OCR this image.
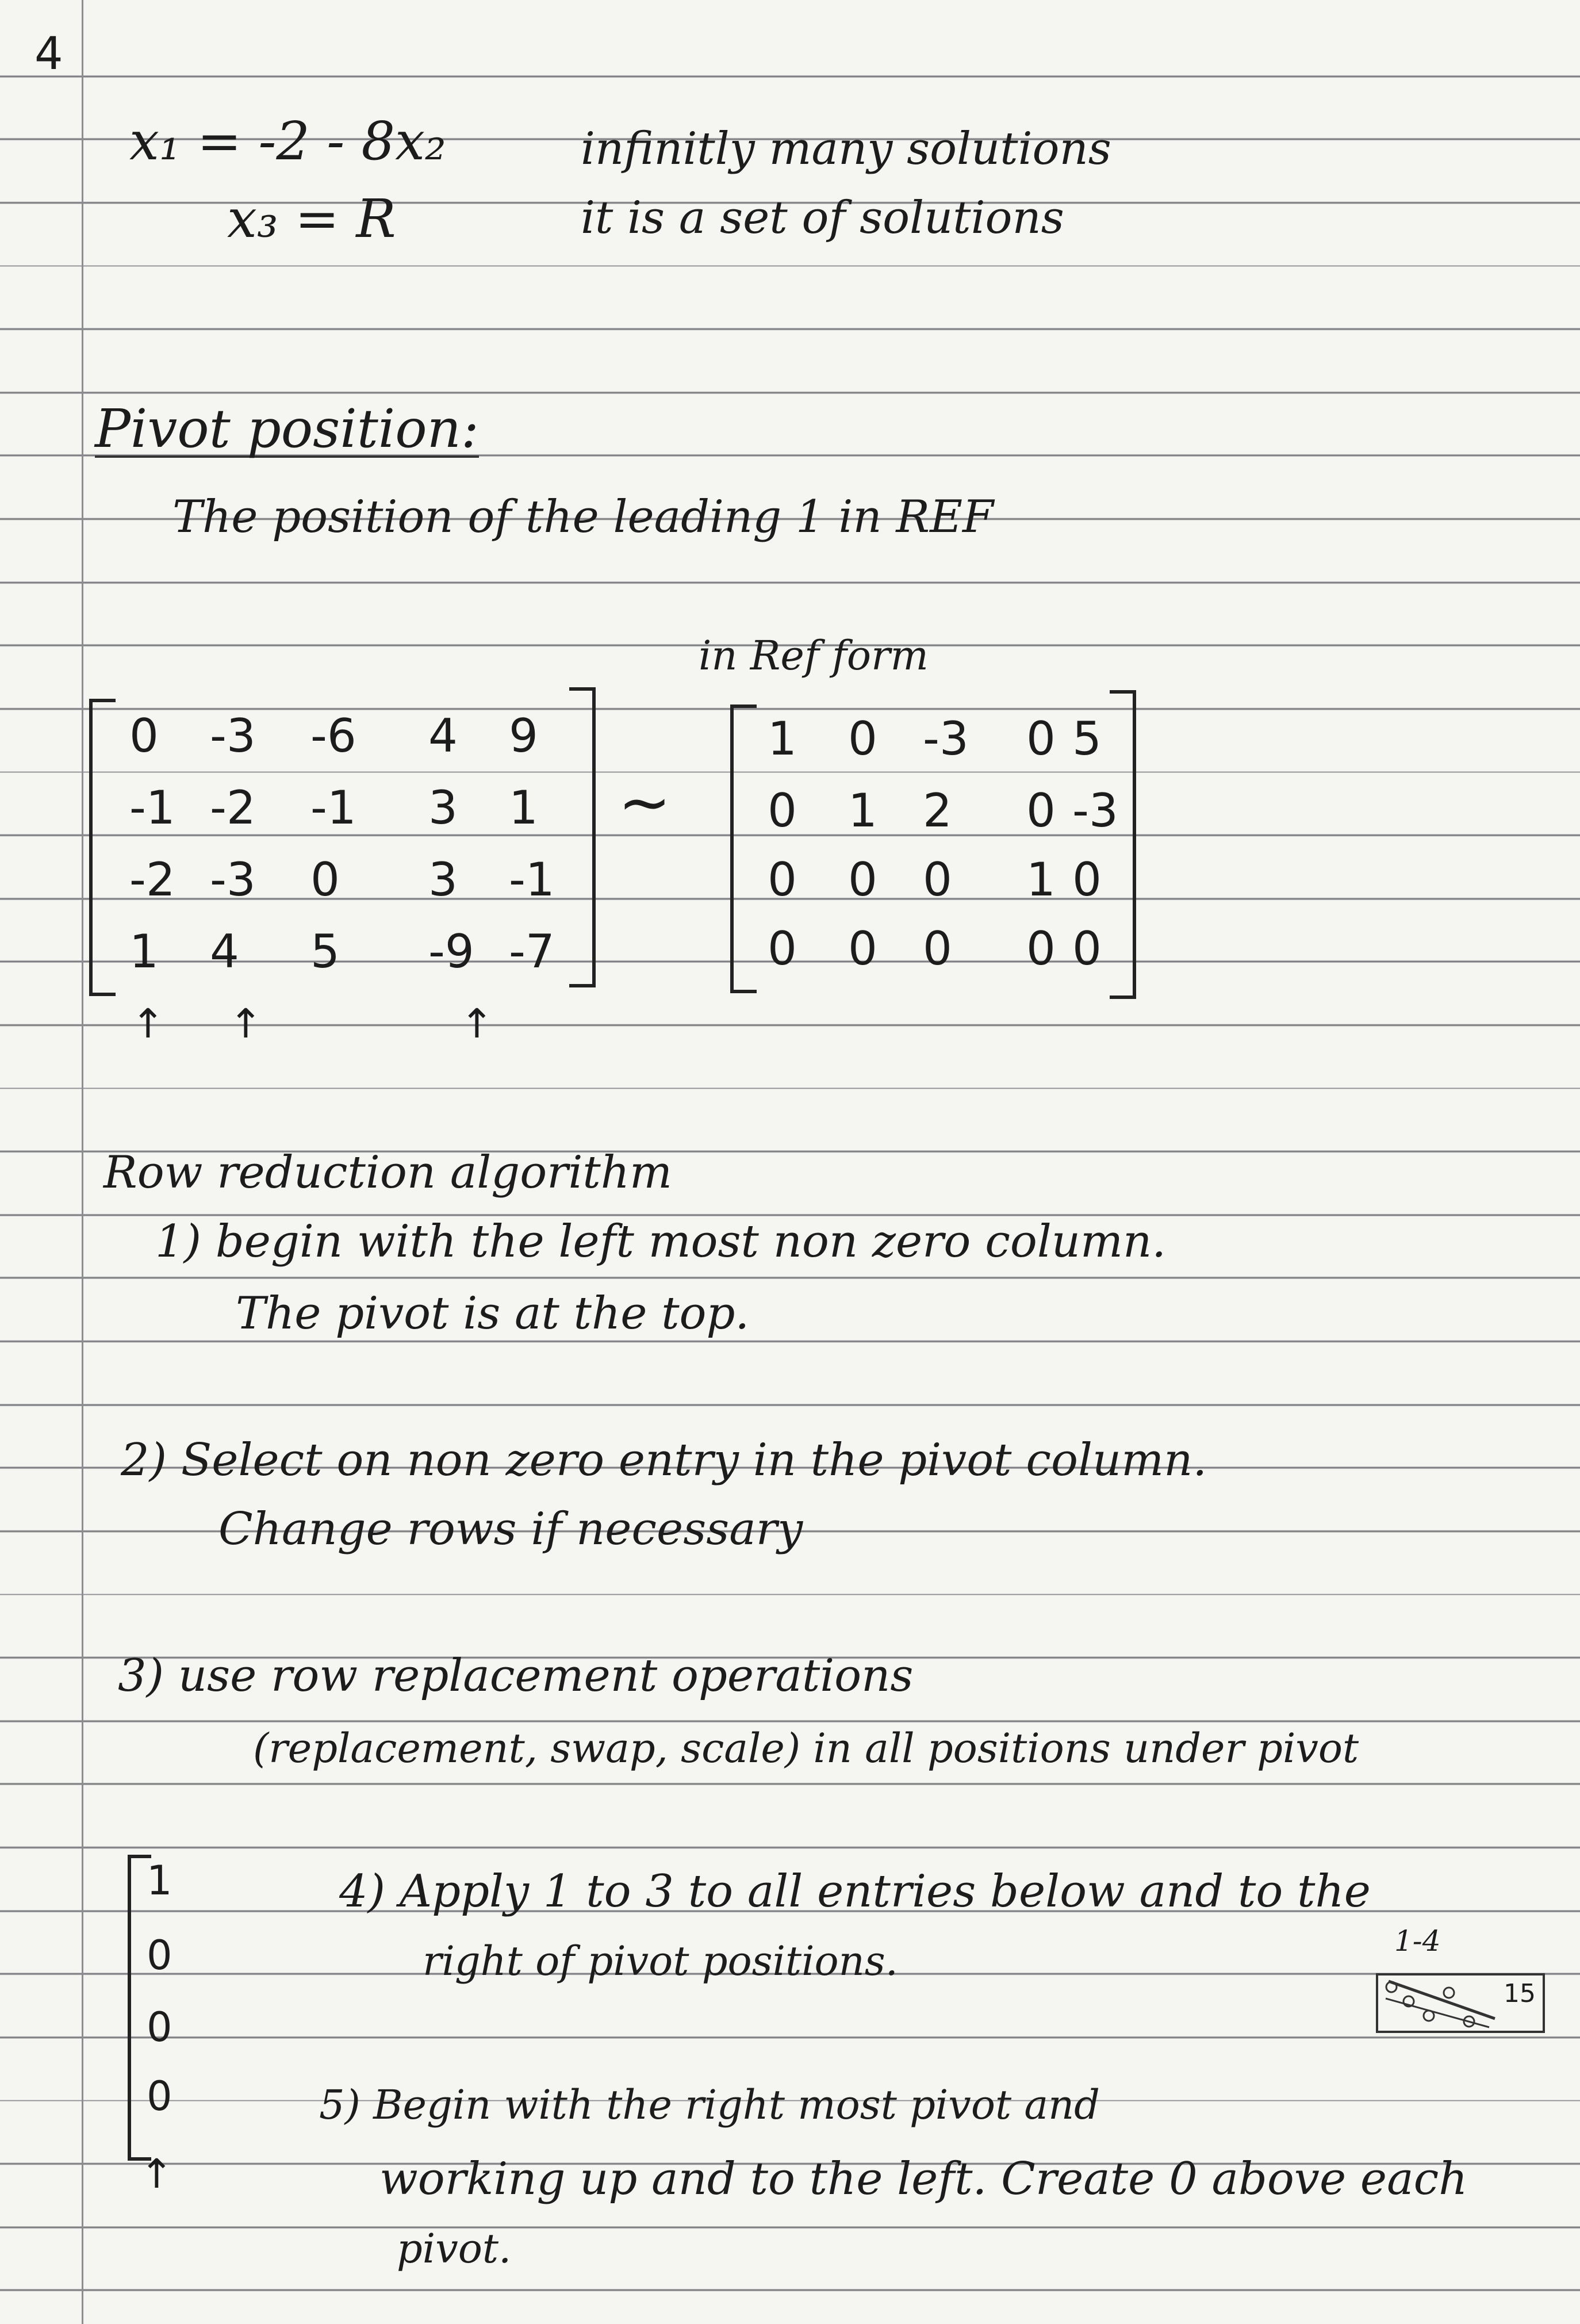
4
x₁ = -2 - 8x₂
x₃ = R
infinitly many solutions
it is a set of solutions
Pivot position:
The position of the leading 1 in REF
in Ref form
0 -3 -6 4 9
-1 -2 -1 3 1
-2 -3 0 3 -1
1 4 5 -9 -7
~
1 0 -3 0 5
0 1 2 0 -3
0 0 0 1 0
0 0 0 0 0
↑ ↑	↑
Row reduction algorithm
1) begin with the left most non zero column.
The pivot is at the top.
2) Select on non zero entry in the pivot column.
Change rows if necessary
3) use row replacement operations
(replacement, swap, scale) in all positions under pivot
1
0
0
0
↑
4) Apply 1 to 3 to all entries below and to the
right of pivot positions.	1-4
15
5) Begin with the right most pivot and
working up and to the left. Create 0 above each
pivot.
